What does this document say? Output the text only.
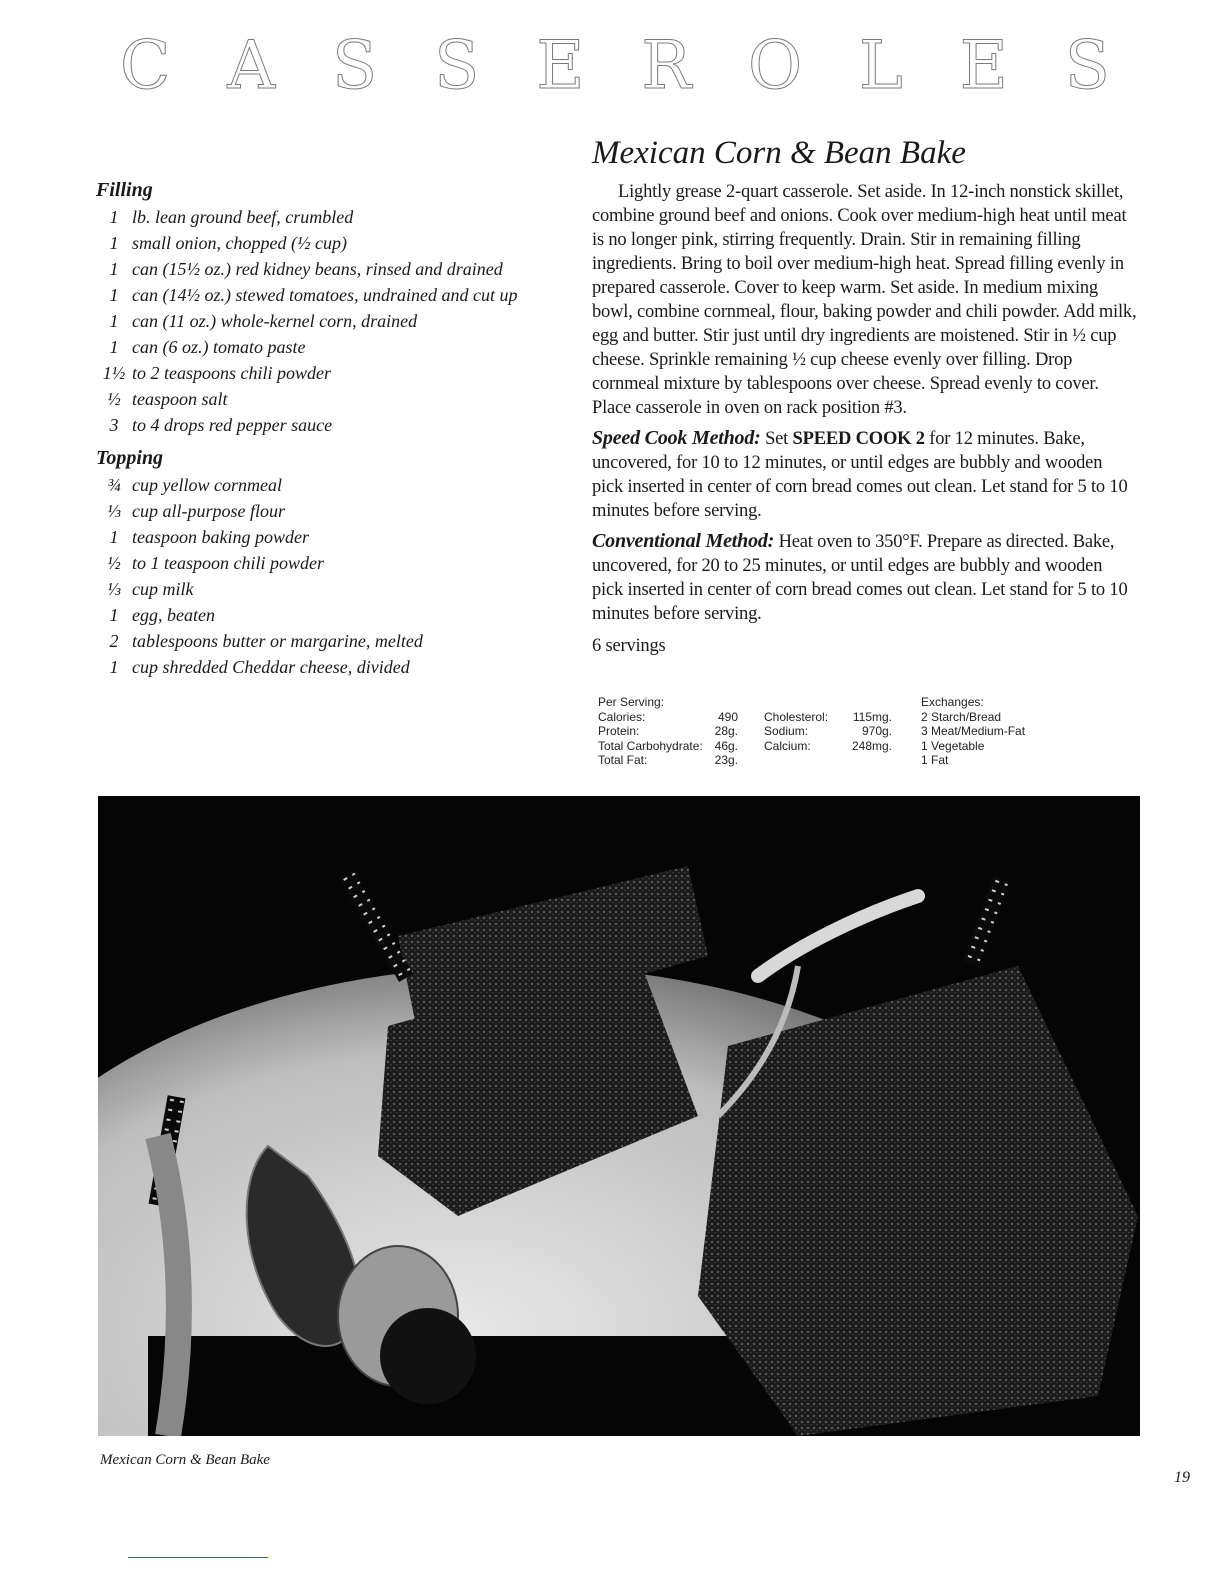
C A S S E R O L E S
Filling
1 lb. lean ground beef, crumbled
1 small onion, chopped (½ cup)
1 can (15½ oz.) red kidney beans, rinsed and drained
1 can (14½ oz.) stewed tomatoes, undrained and cut up
1 can (11 oz.) whole-kernel corn, drained
1 can (6 oz.) tomato paste
1½ to 2 teaspoons chili powder
½ teaspoon salt
3 to 4 drops red pepper sauce
Topping
¾ cup yellow cornmeal
⅓ cup all-purpose flour
1 teaspoon baking powder
½ to 1 teaspoon chili powder
⅓ cup milk
1 egg, beaten
2 tablespoons butter or margarine, melted
1 cup shredded Cheddar cheese, divided
Mexican Corn & Bean Bake

Lightly grease 2-quart casserole. Set aside. In 12-inch nonstick skillet, combine ground beef and onions. Cook over medium-high heat until meat is no longer pink, stirring frequently. Drain. Stir in remaining filling ingredients. Bring to boil over medium-high heat. Spread filling evenly in prepared casserole. Cover to keep warm. Set aside. In medium mixing bowl, combine cornmeal, flour, baking powder and chili powder. Add milk, egg and butter. Stir just until dry ingredients are moistened. Stir in ½ cup cheese. Sprinkle remaining ½ cup cheese evenly over filling. Drop cornmeal mixture by tablespoons over cheese. Spread evenly to cover. Place casserole in oven on rack position #3.

Speed Cook Method: Set SPEED COOK 2 for 12 minutes. Bake, uncovered, for 10 to 12 minutes, or until edges are bubbly and wooden pick inserted in center of corn bread comes out clean. Let stand for 5 to 10 minutes before serving.

Conventional Method: Heat oven to 350°F. Prepare as directed. Bake, uncovered, for 20 to 25 minutes, or until edges are bubbly and wooden pick inserted in center of corn bread comes out clean. Let stand for 5 to 10 minutes before serving.

6 servings

Per Serving:
Calories:	490
Protein:	28g.
Total Carbohydrate: 46g.
Total Fat:	23g.

Cholesterol:	115mg.
Sodium:	970g.
Calcium:	248mg.
Exchanges:
2 Starch/Bread
3 Meat/Medium-Fat
1 Vegetable
1 Fat
Mexican Corn & Bean Bake
19
